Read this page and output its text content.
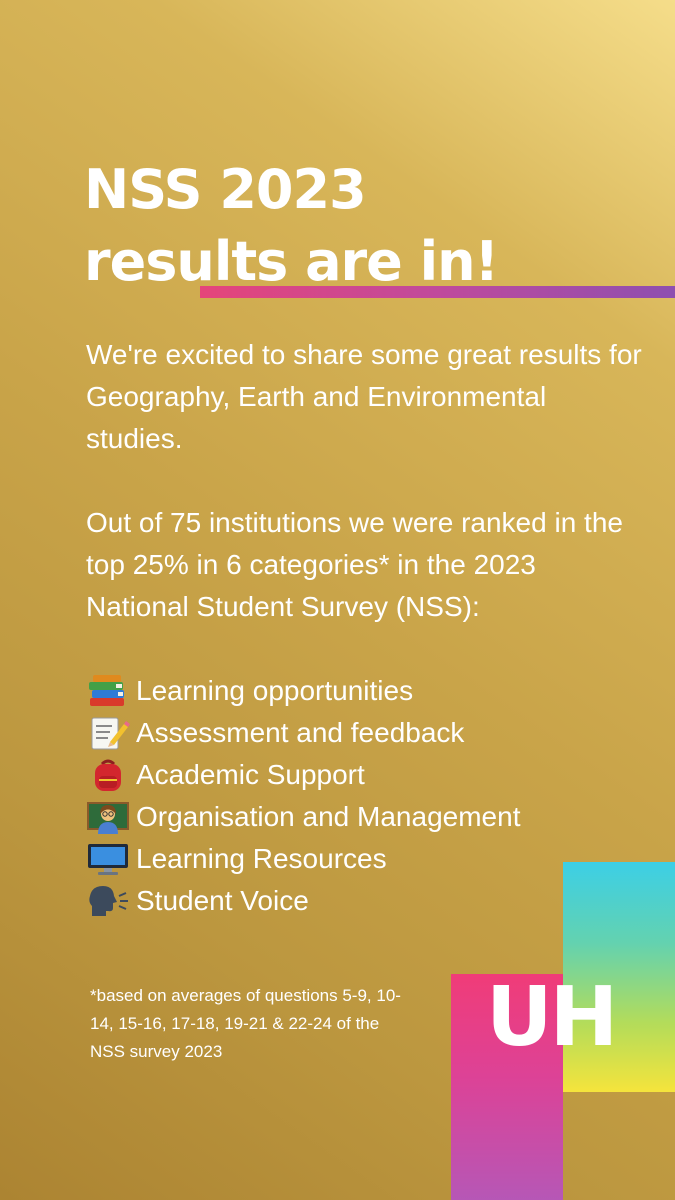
NSS 2023
results are in!
We're excited to share some great results for Geography, Earth and Environmental studies.
Out of 75 institutions we were ranked in the top 25% in 6 categories* in the 2023 National Student Survey (NSS):
Learning opportunities
Assessment and feedback
Academic Support
Organisation and Management
Learning Resources
Student Voice
*based on averages of questions 5-9, 10-14, 15-16, 17-18, 19-21 & 22-24 of the NSS survey 2023	UH
